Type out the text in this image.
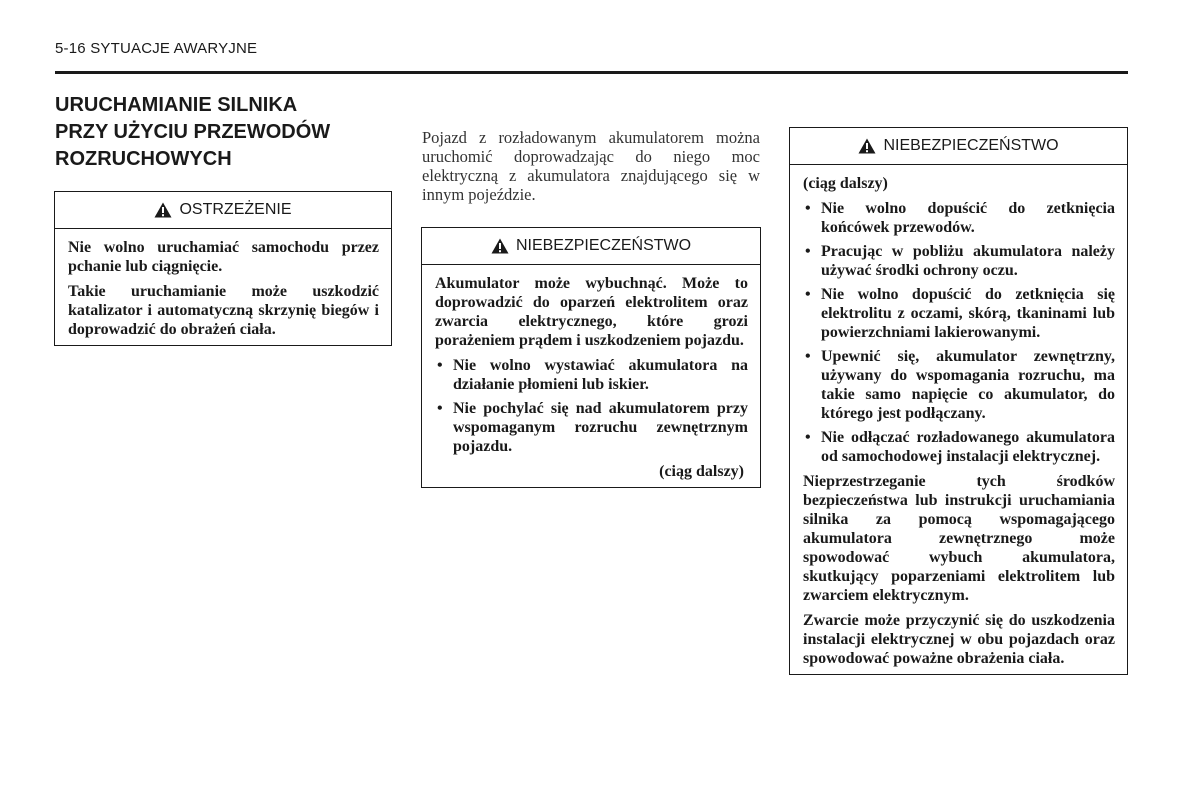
5-16 SYTUACJE AWARYJNE
URUCHAMIANIE SILNIKA
PRZY UŻYCIU PRZEWODÓW
ROZRUCHOWYCH
OSTRZEŻENIE

Nie wolno uruchamiać samochodu przez pchanie lub ciągnięcie.

Takie uruchamianie może uszkodzić katalizator i automatyczną skrzynię biegów i doprowadzić do obrażeń ciała.

Pojazd z rozładowanym akumulatorem można uruchomić doprowadzając do niego moc elektryczną z akumulatora znajdującego się w innym pojeździe.

NIEBEZPIECZEŃSTWO

Akumulator może wybuchnąć. Może to doprowadzić do oparzeń elektrolitem oraz zwarcia elektrycznego, które grozi porażeniem prądem i uszkodzeniem pojazdu.

• Nie wolno wystawiać akumulatora na działanie płomieni lub iskier.
• Nie pochylać się nad akumulatorem przy wspomaganym rozruchu zewnętrznym pojazdu.
(ciąg dalszy)
NIEBEZPIECZEŃSTWO

(ciąg dalszy)

• Nie wolno dopuścić do zetknięcia końcówek przewodów.
• Pracując w pobliżu akumulatora należy używać środki ochrony oczu.
• Nie wolno dopuścić do zetknięcia się elektrolitu z oczami, skórą, tkaninami lub powierzchniami lakierowanymi.
• Upewnić się, akumulator zewnętrzny, używany do wspomagania rozruchu, ma takie samo napięcie co akumulator, do którego jest podłączany.
• Nie odłączać rozładowanego akumulatora od samochodowej instalacji elektrycznej.

Nieprzestrzeganie tych środków bezpieczeństwa lub instrukcji uruchamiania silnika za pomocą wspomagającego akumulatora zewnętrznego może spowodować wybuch akumulatora, skutkujący poparzeniami elektrolitem lub zwarciem elektrycznym.

Zwarcie może przyczynić się do uszkodzenia instalacji elektrycznej w obu pojazdach oraz spowodować poważne obrażenia ciała.
